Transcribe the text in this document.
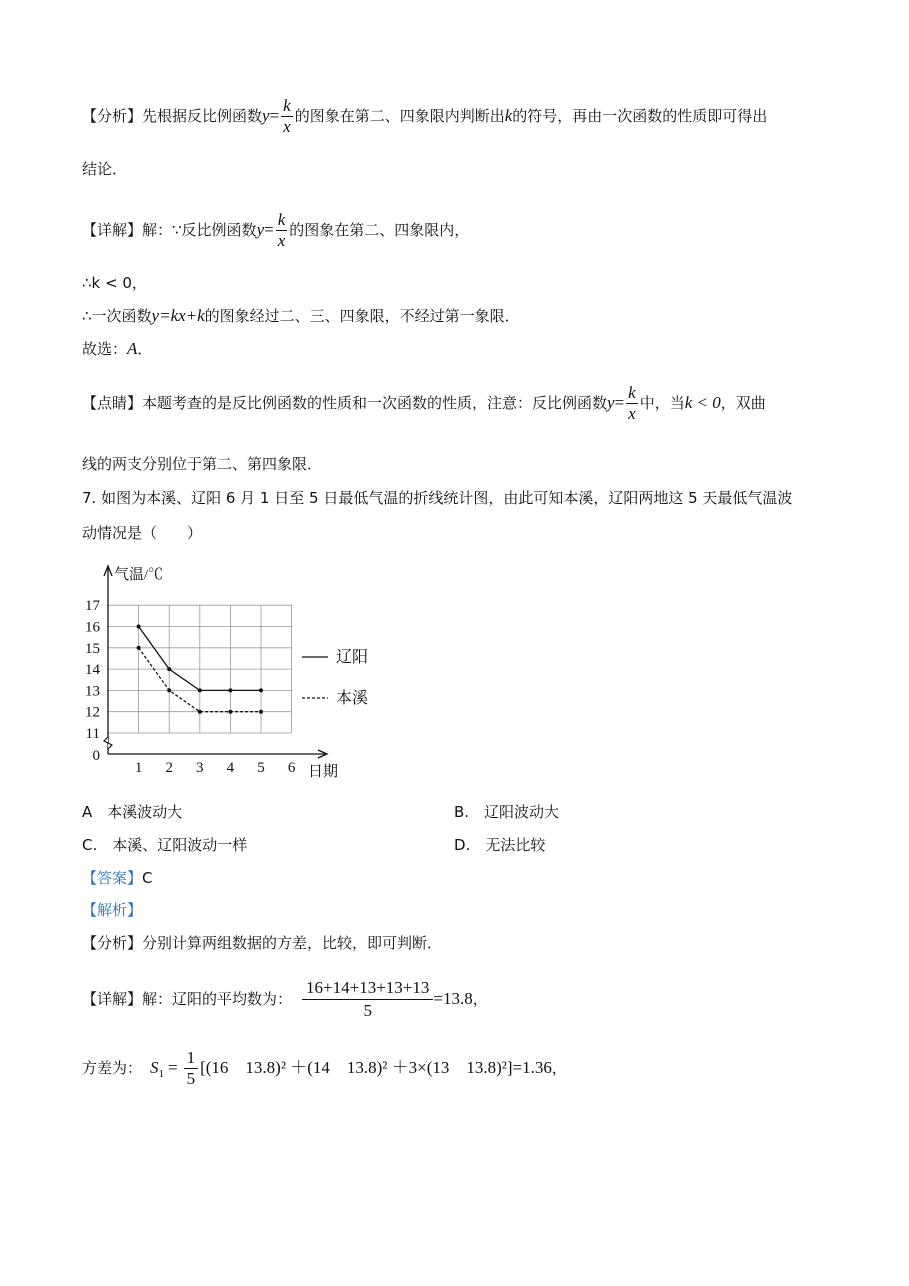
【分析】先根据反比例函数$y= \frac{k}{x}$ 的图象在第二、四象限内判断出k的符号，再由一次函数的性质即可得出
结论．
【详解】解：∵反比例函数$y= \frac{k}{x}$ 的图象在第二、四象限内，
∴k < 0，
∴一次函数y=kx+k的图象经过二、三、四象限，不经过第一象限．
故选：A．
【点睛】本题考查的是反比例函数的性质和一次函数的性质，注意：反比例函数$y= \frac{k}{x}$ 中，当k < 0，双曲
线的两支分别位于第二、第四象限．
7. 如图为本溪、辽阳 6 月 1 日至 5 日最低气温的折线统计图，由此可知本溪，辽阳两地这 5 天最低气温波
动情况是（　　）
0
11
12
13
14
15
16
17
1 2 3 4 5 6
气温/℃
日期
辽阳
本溪
A　本溪波动大	B.　辽阳波动大
C.　本溪、辽阳波动一样	D.　无法比较
【答案】C
【解析】
【分析】分别计算两组数据的方差，比较，即可判断．
【详解】解：辽阳的平均数为： $\frac{16+14+13+13+13}{5} =13.8$，
方差为： $S_1 = \frac{1}{5} [(16$　13.8)² ＋(14　13.8)² ＋3×(13　13.8)²]=1.36，
